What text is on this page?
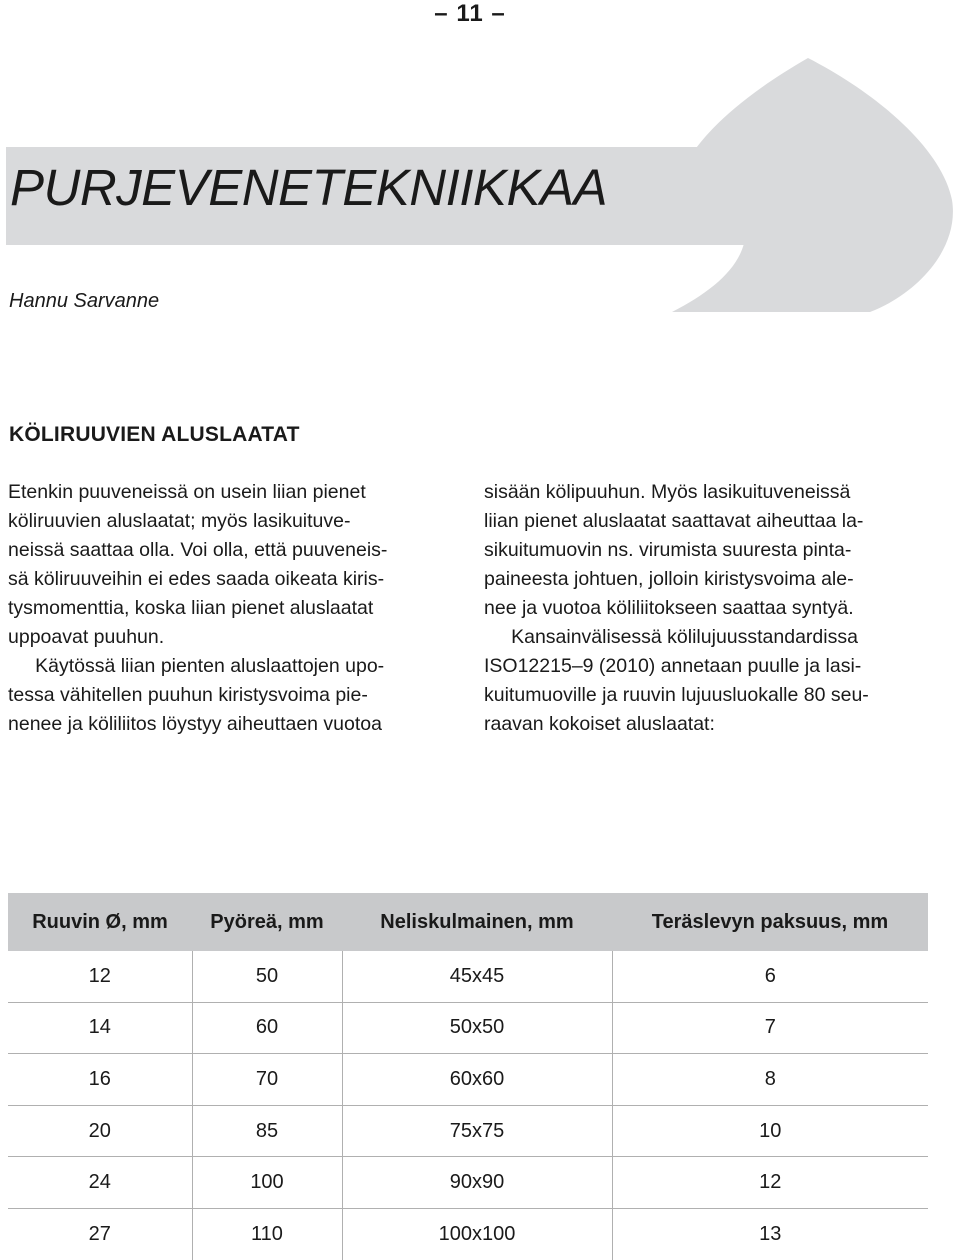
– 11 –
PURJEVENETEKNIIKKAA
Hannu Sarvanne
KÖLIRUUVIEN ALUSLAATAT

Etenkin puuveneissä on usein liian pienet

köliruuvien aluslaatat; myös lasikuituve-

neissä saattaa olla. Voi olla, että puuveneis-

sä köliruuveihin ei edes saada oikeata kiris-

tysmomenttia, koska liian pienet aluslaatat

uppoavat puuhun.

Käytössä liian pienten aluslaattojen upo-

tessa vähitellen puuhun kiristysvoima pie-

nenee ja köliliitos löystyy aiheuttaen vuotoa

sisään kölipuuhun. Myös lasikuituveneissä

liian pienet aluslaatat saattavat aiheuttaa la-

sikuitumuovin ns. virumista suuresta pinta-

paineesta johtuen, jolloin kiristysvoima ale-

nee ja vuotoa köliliitokseen saattaa syntyä.

Kansainvälisessä kölilujuusstandardissa

ISO12215–9 (2010) annetaan puulle ja lasi-

kuitumuoville ja ruuvin lujuusluokalle 80 seu-

raavan kokoiset aluslaatat:

Ruuvin Ø, mm	Pyöreä, mm	Neliskulmainen, mm	Teräslevyn paksuus, mm
12	50	45x45	6
14	60	50x50	7
16	70	60x60	8
20	85	75x75	10
24	100	90x90	12
27	110	100x100	13
